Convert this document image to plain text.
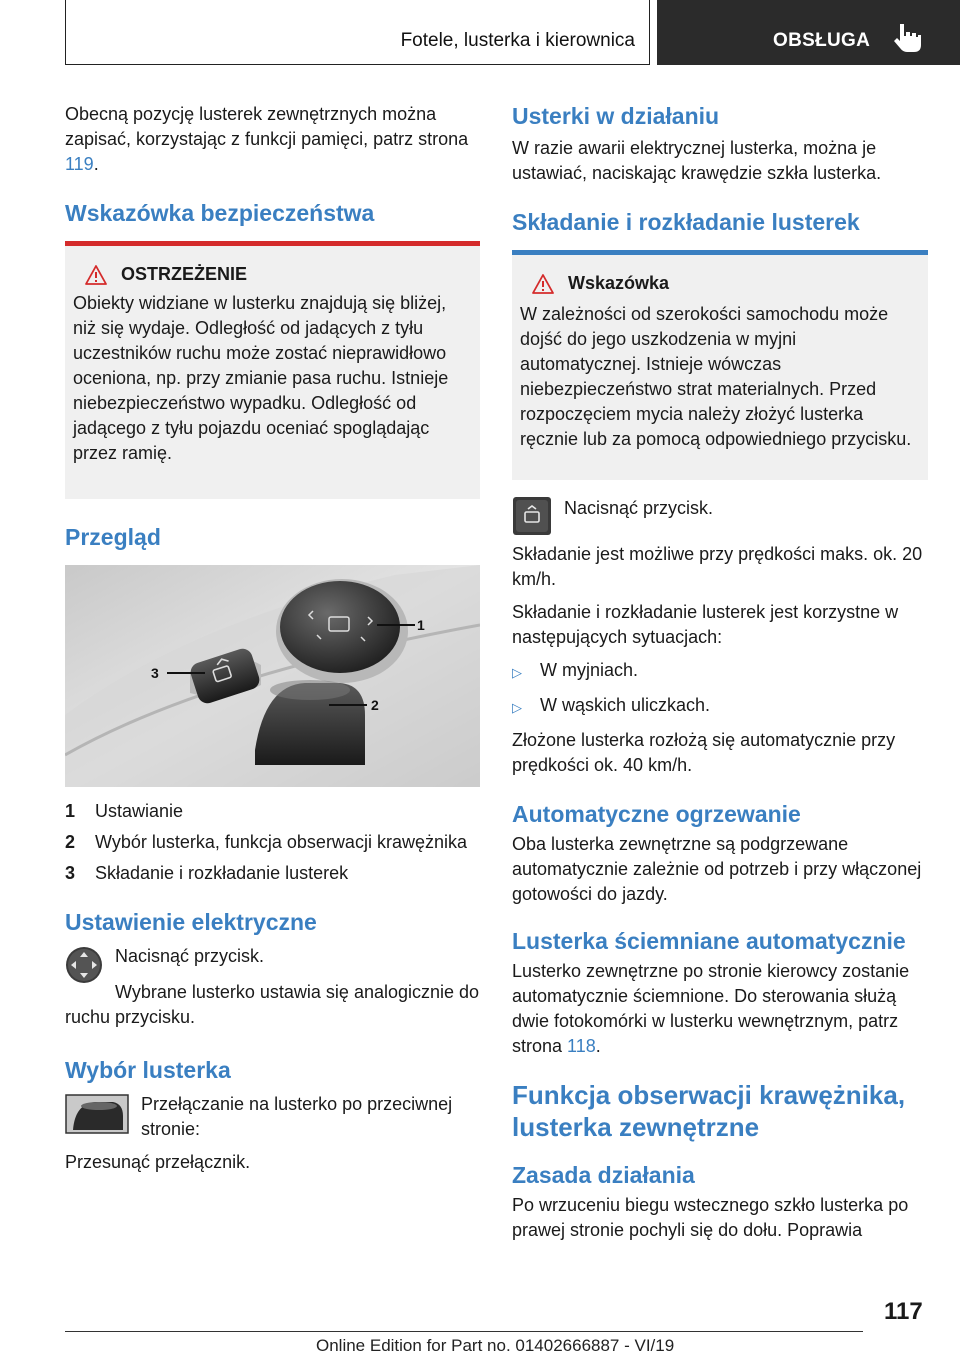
Fotele, lusterka i kierownica	OBSŁUGA

Obecną pozycję lusterek zewnętrznych można zapisać, korzystając z funkcji pamięci, patrz strona 119.

Wskazówka bezpieczeństwa
OSTRZEŻENIE
Obiekty widziane w lusterku znajdują się bliżej, niż się wydaje. Odległość od jadących z tyłu uczestników ruchu może zostać nieprawidłowo oceniona, np. przy zmianie pasa ruchu. Istnieje niebezpieczeństwo wypadku. Odległość od jadącego z tyłu pojazdu oceniać spoglądając przez ramię.
Przegląd
1
2
3
1	Ustawianie
2	Wybór lusterka, funkcja obserwacji krawężnika
3	Składanie i rozkładanie lusterek
Ustawienie elektryczne

Nacisnąć przycisk.

Wybrane lusterko ustawia się analogicznie do ruchu przycisku.

Wybór lusterka

Przełączanie na lusterko po przeciwnej stronie:

Przesunąć przełącznik.

Usterki w działaniu

W razie awarii elektrycznej lusterka, można je ustawiać, naciskając krawędzie szkła lusterka.

Składanie i rozkładanie lusterek
Wskazówka
W zależności od szerokości samochodu może dojść do jego uszkodzenia w myjni automatycznej. Istnieje wówczas niebezpieczeństwo strat materialnych. Przed rozpoczęciem mycia należy złożyć lusterka ręcznie lub za pomocą odpowiedniego przycisku.

Nacisnąć przycisk.

Składanie jest możliwe przy prędkości maks. ok. 20 km/h.

Składanie i rozkładanie lusterek jest korzystne w następujących sytuacjach:

▷	W myjniach.
▷	W wąskich uliczkach.

Złożone lusterka rozłożą się automatycznie przy prędkości ok. 40 km/h.

Automatyczne ogrzewanie

Oba lusterka zewnętrzne są podgrzewane automatycznie zależnie od potrzeb i przy włączonej gotowości do jazdy.

Lusterka ściemniane automatycznie

Lusterko zewnętrzne po stronie kierowcy zostanie automatycznie ściemnione. Do sterowania służą dwie fotokomórki w lusterku wewnętrznym, patrz strona 118.

Funkcja obserwacji krawężnika, lusterka zewnętrzne
Zasada działania

Po wrzuceniu biegu wstecznego szkło lusterka po prawej stronie pochyli się do dołu. Poprawia

117
Online Edition for Part no. 01402666887 - VI/19
